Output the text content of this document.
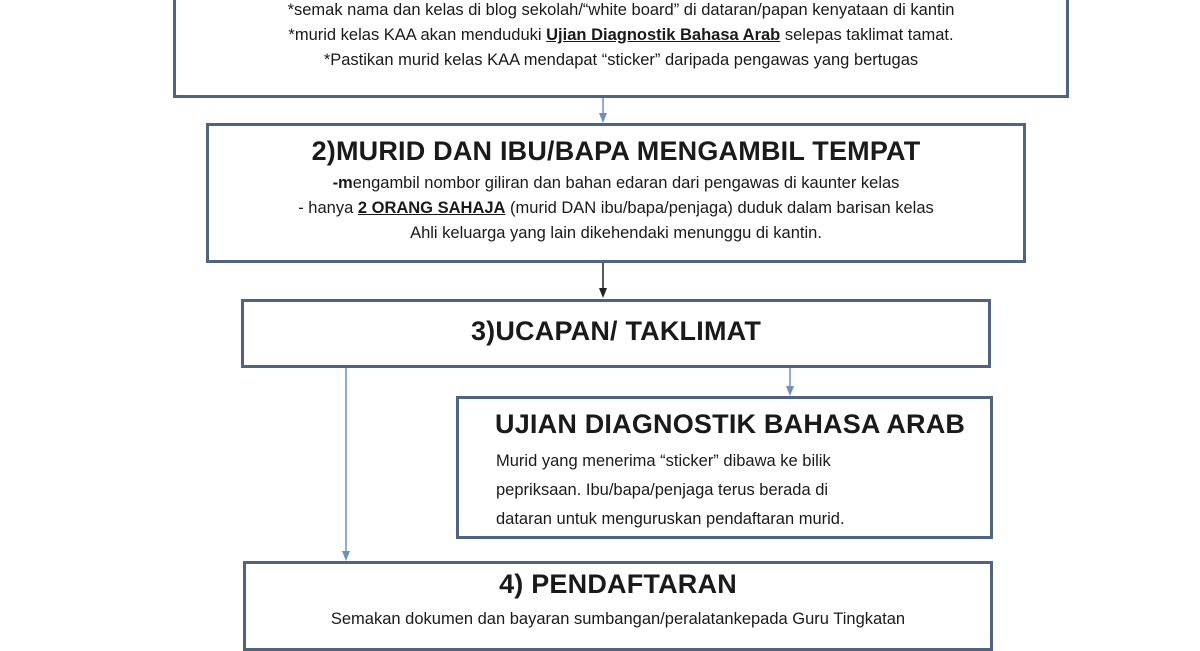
*semak nama dan kelas di blog sekolah/“white board” di dataran/papan kenyataan di kantin
*murid kelas KAA akan menduduki Ujian Diagnostik Bahasa Arab selepas taklimat tamat.
*Pastikan murid kelas KAA mendapat “sticker” daripada pengawas yang bertugas
2)MURID DAN IBU/BAPA MENGAMBIL TEMPAT
-mengambil nombor giliran dan bahan edaran dari pengawas di kaunter kelas
- hanya 2 ORANG SAHAJA (murid DAN ibu/bapa/penjaga) duduk dalam barisan kelas
Ahli keluarga yang lain dikehendaki menunggu di kantin.
3)UCAPAN/ TAKLIMAT
UJIAN DIAGNOSTIK BAHASA ARAB
Murid yang menerima “sticker” dibawa ke bilik
pepriksaan. Ibu/bapa/penjaga terus berada di
dataran untuk menguruskan pendaftaran murid.
4) PENDAFTARAN
Semakan dokumen dan bayaran sumbangan/peralatankepada Guru Tingkatan
